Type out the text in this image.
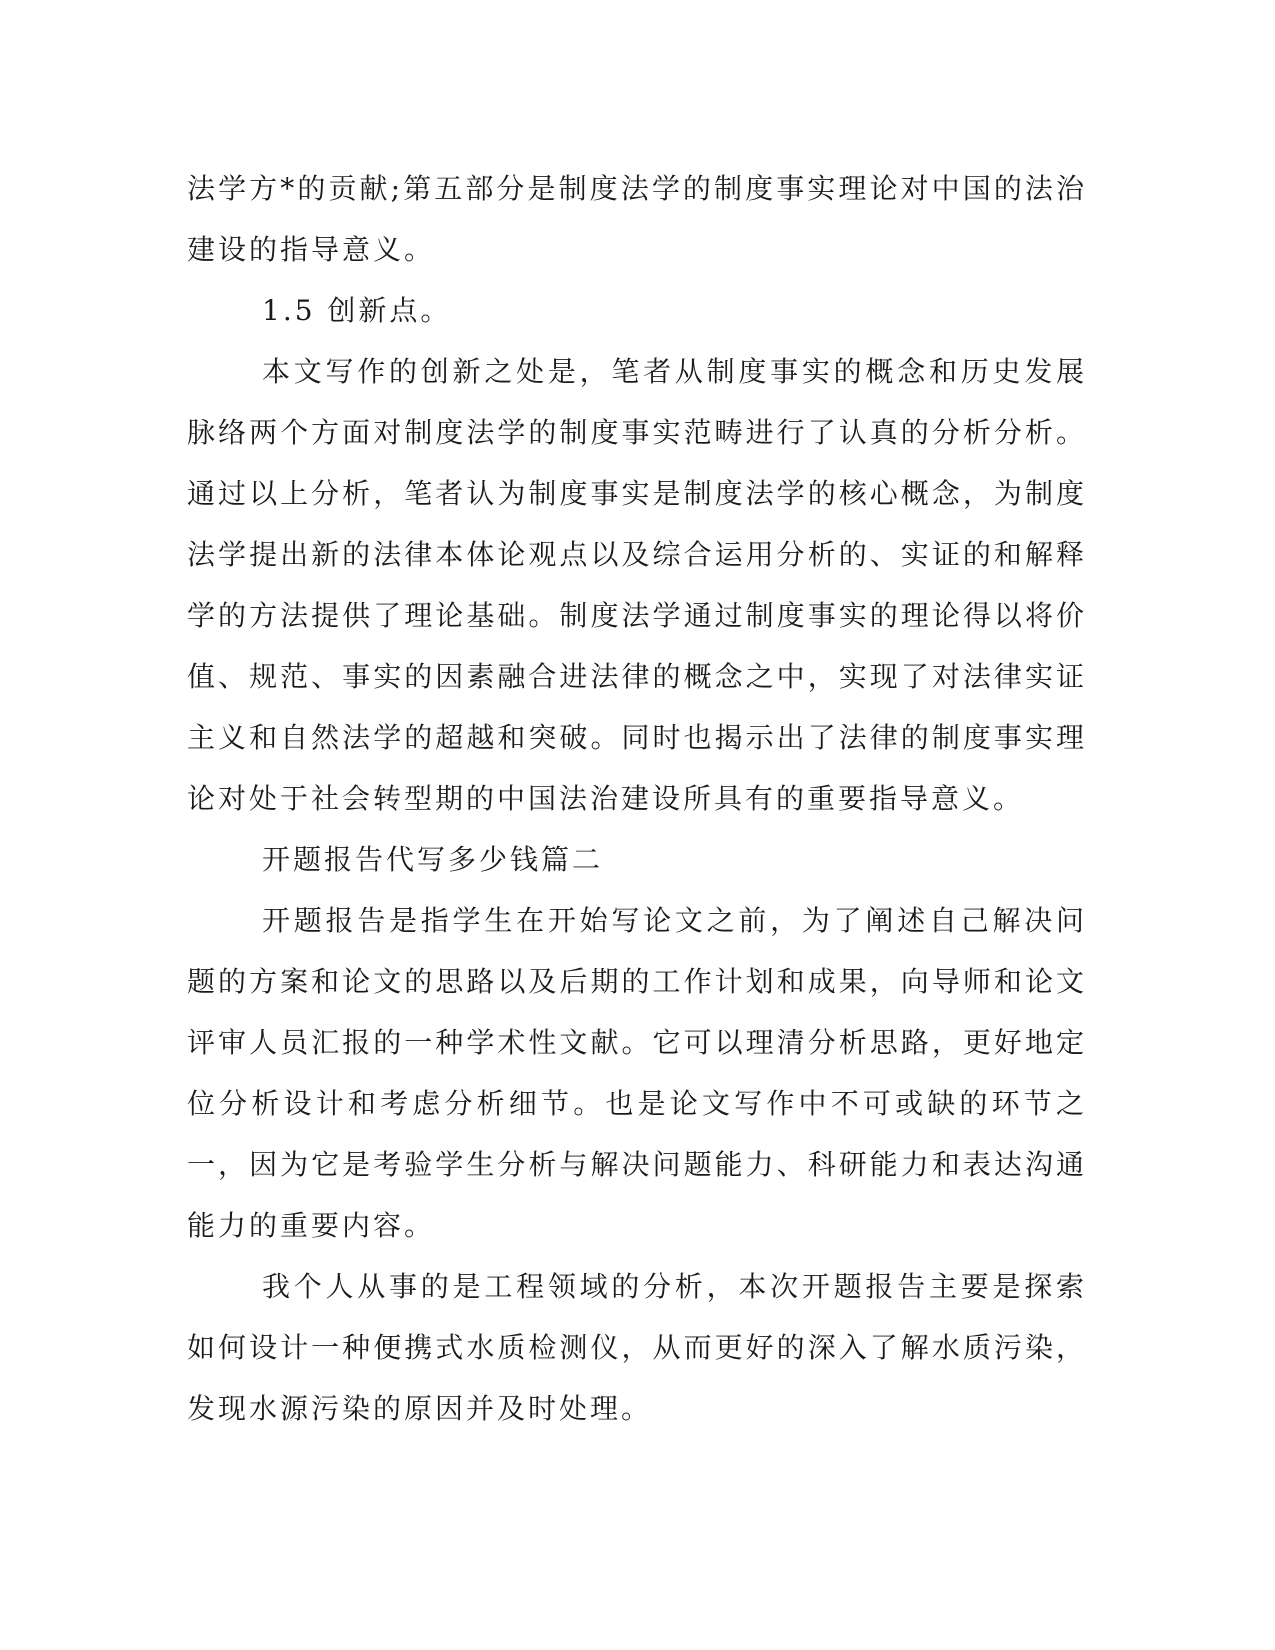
法学方*的贡献;第五部分是制度法学的制度事实理论对中国的法治建设的指导意义。

1.5 创新点。

本文写作的创新之处是，笔者从制度事实的概念和历史发展脉络两个方面对制度法学的制度事实范畴进行了认真的分析分析。通过以上分析，笔者认为制度事实是制度法学的核心概念，为制度法学提出新的法律本体论观点以及综合运用分析的、实证的和解释学的方法提供了理论基础。制度法学通过制度事实的理论得以将价值、规范、事实的因素融合进法律的概念之中，实现了对法律实证主义和自然法学的超越和突破。同时也揭示出了法律的制度事实理论对处于社会转型期的中国法治建设所具有的重要指导意义。

开题报告代写多少钱篇二

开题报告是指学生在开始写论文之前，为了阐述自己解决问题的方案和论文的思路以及后期的工作计划和成果，向导师和论文评审人员汇报的一种学术性文献。它可以理清分析思路，更好地定位分析设计和考虑分析细节。也是论文写作中不可或缺的环节之一，因为它是考验学生分析与解决问题能力、科研能力和表达沟通能力的重要内容。

我个人从事的是工程领域的分析，本次开题报告主要是探索如何设计一种便携式水质检测仪，从而更好的深入了解水质污染，发现水源污染的原因并及时处理。
